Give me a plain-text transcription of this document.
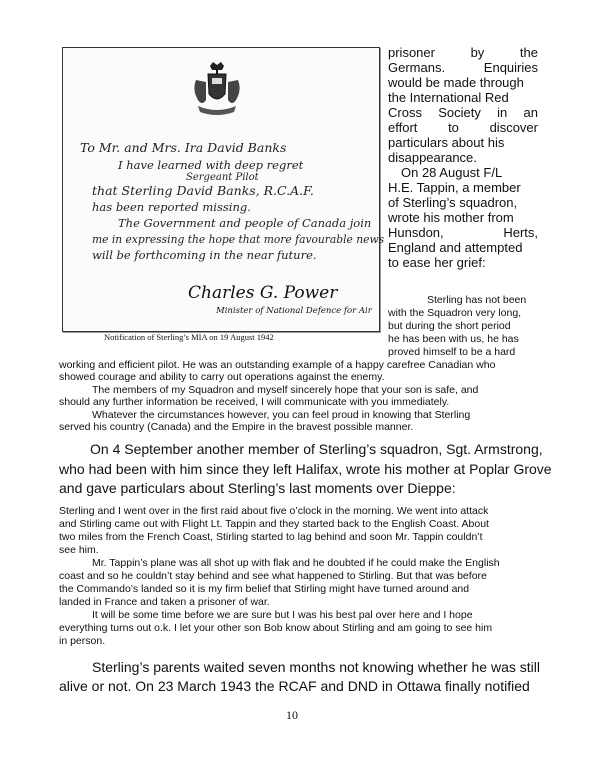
To Mr. and Mrs. Ira David Banks
I have learned with deep regret
Sergeant Pilot
that Sterling David Banks, R.C.A.F.
has been reported missing.
The Government and people of Canada join
me in expressing the hope that more favourable news
will be forthcoming in the near future.
Charles G. Power
Minister of National Defence for Air
Notification of Sterling’s MIA on 19 August 1942
prisoner by the
Germans. Enquiries
would be made through
the International Red
Cross Society in an
effort to discover
particulars about his
disappearance.
On 28 August F/L
H.E. Tappin, a member
of Sterling’s squadron,
wrote his mother from
Hunsdon, Herts,
England and attempted
to ease her grief:
Sterling has not been
with the Squadron very long,
but during the short period
he has been with us, he has
proved himself to be a hard
working and efficient pilot. He was an outstanding example of a happy carefree Canadian who
showed courage and ability to carry out operations against the enemy.
The members of my Squadron and myself sincerely hope that your son is safe, and
should any further information be received, I will communicate with you immediately.
Whatever the circumstances however, you can feel proud in knowing that Sterling
served his country (Canada) and the Empire in the bravest possible manner.
On 4 September another member of Sterling’s squadron, Sgt. Armstrong,
who had been with him since they left Halifax, wrote his mother at Poplar Grove
and gave particulars about Sterling’s last moments over Dieppe:
Sterling and I went over in the first raid about five o’clock in the morning. We went into attack
and Stirling came out with Flight Lt. Tappin and they started back to the English Coast. About
two miles from the French Coast, Stirling started to lag behind and soon Mr. Tappin couldn’t
see him.
Mr. Tappin’s plane was all shot up with flak and he doubted if he could make the English
coast and so he couldn’t stay behind and see what happened to Stirling. But that was before
the Commando’s landed so it is my firm belief that Stirling might have turned around and
landed in France and taken a prisoner of war.
It will be some time before we are sure but I was his best pal over here and I hope
everything turns out o.k. I let your other son Bob know about Stirling and am going to see him
in person.
Sterling’s parents waited seven months not knowing whether he was still
alive or not. On 23 March 1943 the RCAF and DND in Ottawa finally notified
10
